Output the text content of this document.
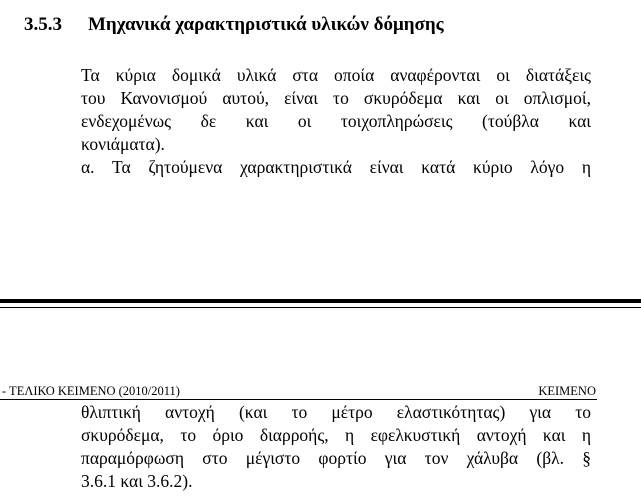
3.5.3 Μηχανικά χαρακτηριστικά υλικών δόμησης
Τα κύρια δομικά υλικά στα οποία αναφέρονται οι διατάξεις
του Κανονισμού αυτού, είναι το σκυρόδεμα και οι οπλισμοί,
ενδεχομένως δε και οι τοιχοπληρώσεις (τούβλα και
κονιάματα).
α. Τα ζητούμενα χαρακτηριστικά είναι κατά κύριο λόγο η
- ΤΕΛΙΚΟ ΚΕΙΜΕΝΟ (2010/2011)	ΚΕΙΜΕΝΟ
θλιπτική αντοχή (και το μέτρο ελαστικότητας) για το
σκυρόδεμα, το όριο διαρροής, η εφελκυστική αντοχή και η
παραμόρφωση στο μέγιστο φορτίο για τον χάλυβα (βλ. §
3.6.1 και 3.6.2).
